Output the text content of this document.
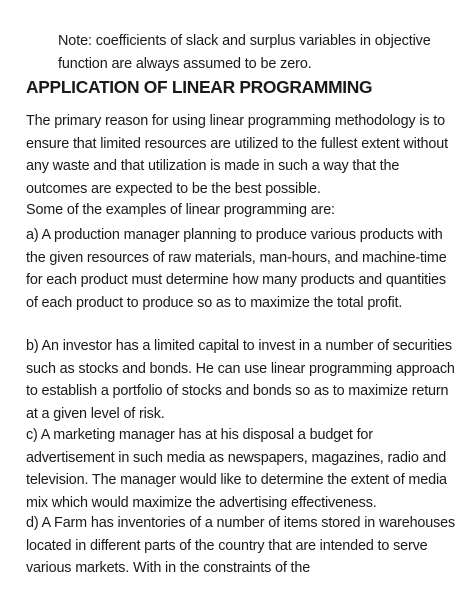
Note: coefficients of slack and surplus variables in objective function are always assumed to be zero.

APPLICATION OF LINEAR PROGRAMMING

The primary reason for using linear programming methodology is to ensure that limited resources are utilized to the fullest extent without any waste and that utilization is made in such a way that the outcomes are expected to be the best possible.

Some of the examples of linear programming are:

a) A production manager planning to produce various products with the given resources of raw materials, man-hours, and machine-time for each product must determine how many products and quantities of each product to produce so as to maximize the total profit.

b) An investor has a limited capital to invest in a number of securities such as stocks and bonds. He can use linear programming approach to establish a portfolio of stocks and bonds so as to maximize return at a given level of risk.

c) A marketing manager has at his disposal a budget for advertisement in such media as newspapers, magazines, radio and television. The manager would like to determine the extent of media mix which would maximize the advertising effectiveness.

d) A Farm has inventories of a number of items stored in warehouses located in different parts of the country that are intended to serve various markets. With in the constraints of the
